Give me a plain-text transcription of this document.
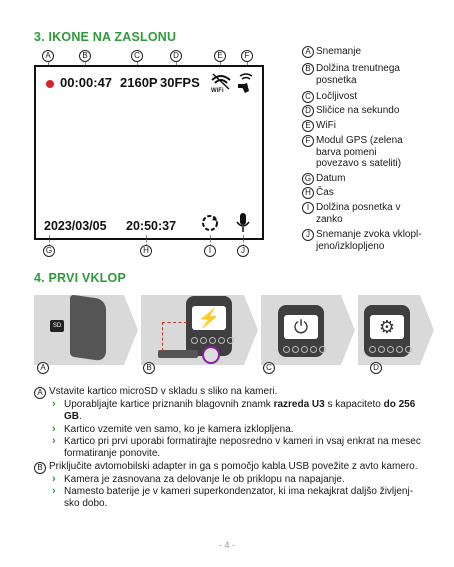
3. IKONE NA ZASLONU
A	B	C	D	E	F
00:00:47 2160P 30FPS
WiFi
2023/03/05 20:50:37
G	H	I	J
A Snemanje
B Dolžina trenutnega posnetka
C Ločljivost
D Sličice na sekundo
E WiFi
F Modul GPS (zelena barva pomeni povezavo s sateliti)
G Datum
H Čas
I Dolžina posnetka v zanko
J Snemanje zvoka vklopl-jeno/izklopljeno
4. PRVI VKLOP
SD	⚡	⏻	⚙
A	B	C	D
A Vstavite kartico microSD v skladu s sliko na kameri.
› Uporabljajte kartice priznanih blagovnih znamk razreda U3 s kapaciteto do 256 GB.
› Kartico vzemite ven samo, ko je kamera izklopljena.
› Kartico pri prvi uporabi formatirajte neposredno v kameri in vsaj enkrat na mesec
formatiranje ponovite.
B Priključite avtomobilski adapter in ga s pomočjo kabla USB povežite z avto kamero.
› Kamera je zasnovana za delovanje le ob priklopu na napajanje.
› Namesto baterije je v kameri superkondenzator, ki ima nekajkrat daljšo življenj-
sko dobo.
- 4 -
